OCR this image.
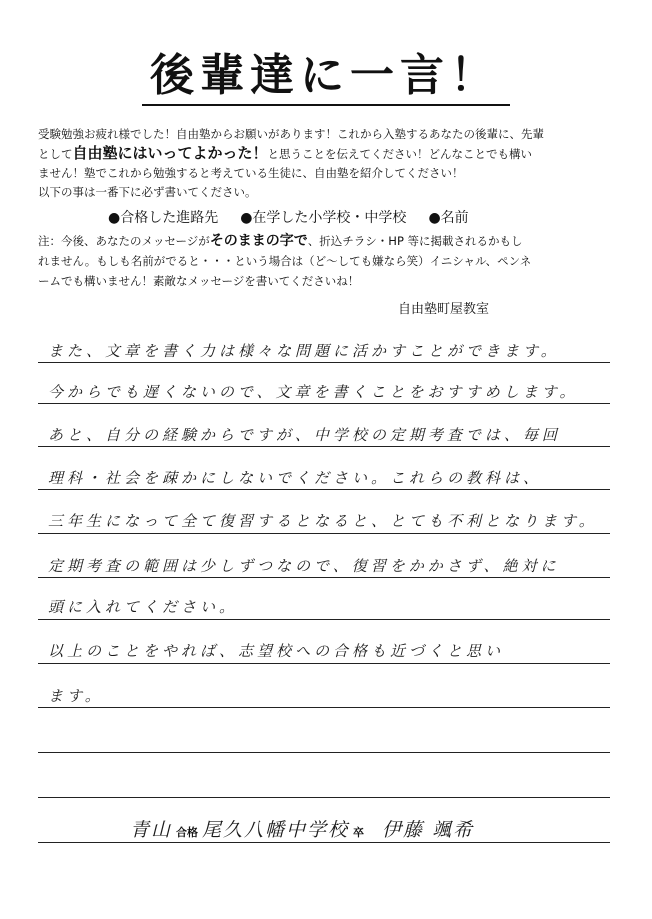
後輩達に一言！
受験勉強お疲れ様でした！自由塾からお願いがあります！これから入塾するあなたの後輩に、先輩
として自由塾にはいってよかった！と思うことを伝えてください！どんなことでも構い
ません！塾でこれから勉強すると考えている生徒に、自由塾を紹介してください！
以下の事は一番下に必ず書いてください。
●合格した進路先 ●在学した小学校・中学校 ●名前
注：今後、あなたのメッセージがそのままの字で、折込チラシ・HP 等に掲載されるかもし
れません。もしも名前がでると・・・という場合は（ど～しても嫌なら笑）イニシャル、ペンネ
ームでも構いません！素敵なメッセージを書いてくださいね！
自由塾町屋教室
また、文章を書く力は様々な問題に活かすことができます。
今からでも遅くないので、文章を書くことをおすすめします。
あと、自分の経験からですが、中学校の定期考査では、毎回
理科・社会を疎かにしないでください。これらの教科は、
三年生になって全て復習するとなると、とても不利となります。
定期考査の範囲は少しずつなので、復習をかかさず、絶対に
頭に入れてください。
以上のことをやれば、志望校への合格も近づくと思い
ます。
青山 合格 尾久八幡中学校 卒 伊藤 颯希
